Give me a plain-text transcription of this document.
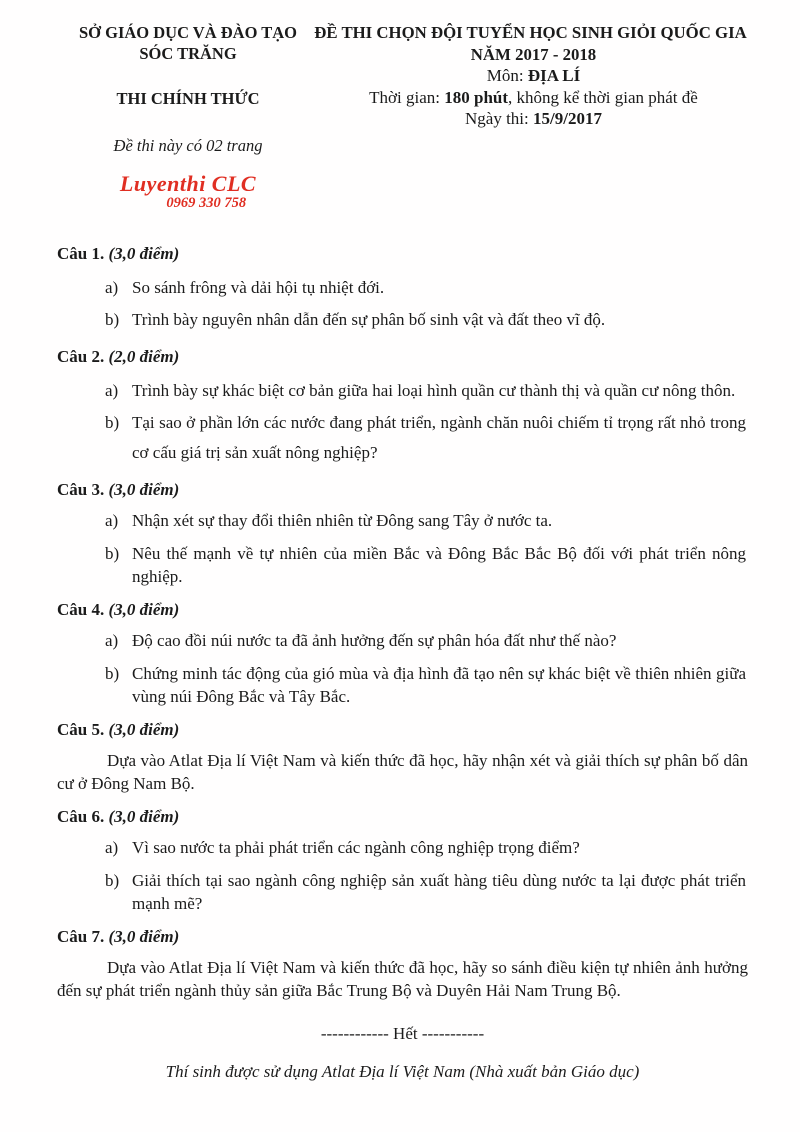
SỞ GIÁO DỤC VÀ ĐÀO TẠO
SÓC TRĂNG
THI CHÍNH THỨC
Đề thi này có 02 trang
Luyenthi CLC
0969 330 758
ĐỀ THI CHỌN ĐỘI TUYỂN HỌC SINH GIỎI QUỐC GIA
NĂM 2017 - 2018
Môn: ĐỊA LÍ
Thời gian: 180 phút, không kể thời gian phát đề
Ngày thi: 15/9/2017
Câu 1. (3,0 điểm)
a) So sánh frông và dải hội tụ nhiệt đới.
b) Trình bày nguyên nhân dẫn đến sự phân bố sinh vật và đất theo vĩ độ.
Câu 2. (2,0 điểm)
a) Trình bày sự khác biệt cơ bản giữa hai loại hình quần cư thành thị và quần cư nông thôn.
b) Tại sao ở phần lớn các nước đang phát triển, ngành chăn nuôi chiếm tỉ trọng rất nhỏ trong cơ cấu giá trị sản xuất nông nghiệp?
Câu 3. (3,0 điểm)
a) Nhận xét sự thay đổi thiên nhiên từ Đông sang Tây ở nước ta.
b) Nêu thế mạnh về tự nhiên của miền Bắc và Đông Bắc Bắc Bộ đối với phát triển nông nghiệp.
Câu 4. (3,0 điểm)
a) Độ cao đồi núi nước ta đã ảnh hưởng đến sự phân hóa đất như thế nào?
b) Chứng minh tác động của gió mùa và địa hình đã tạo nên sự khác biệt về thiên nhiên giữa vùng núi Đông Bắc và Tây Bắc.
Câu 5. (3,0 điểm)
Dựa vào Atlat Địa lí Việt Nam và kiến thức đã học, hãy nhận xét và giải thích sự phân bố dân cư ở Đông Nam Bộ.
Câu 6. (3,0 điểm)
a) Vì sao nước ta phải phát triển các ngành công nghiệp trọng điểm?
b) Giải thích tại sao ngành công nghiệp sản xuất hàng tiêu dùng nước ta lại được phát triển mạnh mẽ?
Câu 7. (3,0 điểm)
Dựa vào Atlat Địa lí Việt Nam và kiến thức đã học, hãy so sánh điều kiện tự nhiên ảnh hưởng đến sự phát triển ngành thủy sản giữa Bắc Trung Bộ và Duyên Hải Nam Trung Bộ.
------------ Hết -----------
Thí sinh được sử dụng Atlat Địa lí Việt Nam (Nhà xuất bản Giáo dục)
